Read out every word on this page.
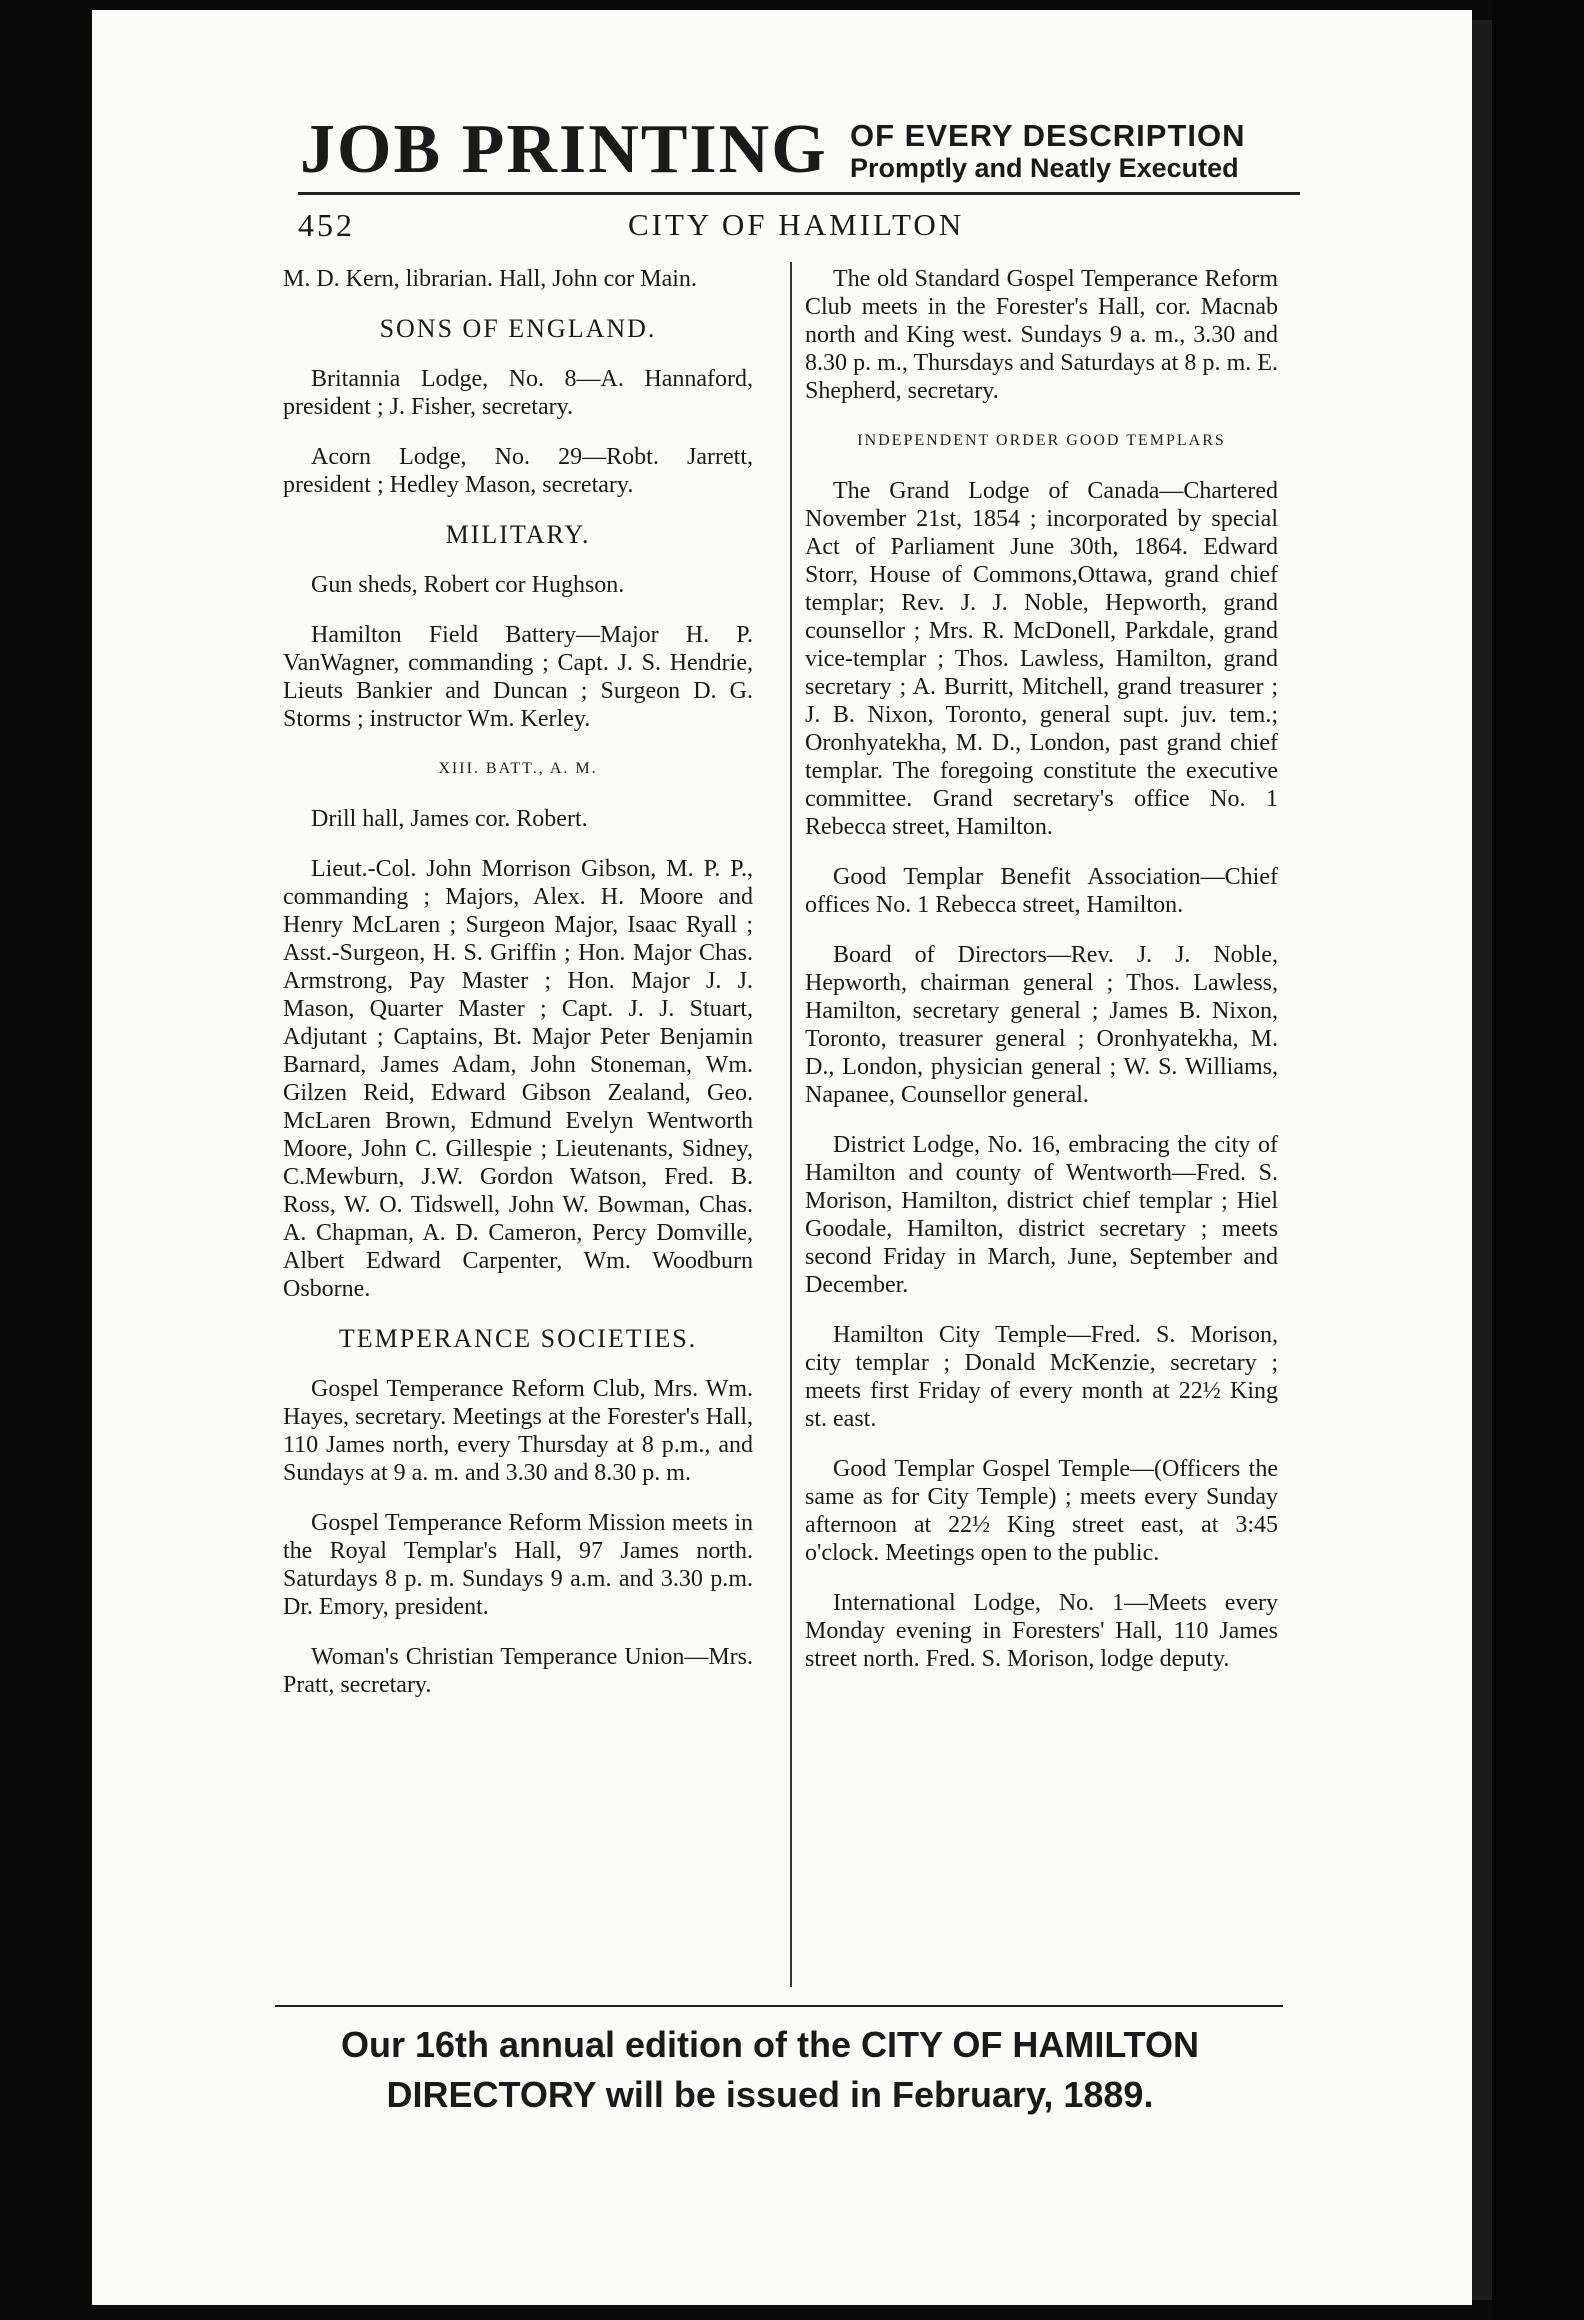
JOB PRINTING OF EVERY DESCRIPTION
Promptly and Neatly Executed
452	CITY OF HAMILTON

M. D. Kern, librarian. Hall, John cor Main.

SONS OF ENGLAND.

Britannia Lodge, No. 8—A. Hannaford, president ; J. Fisher, secretary.

Acorn Lodge, No. 29—Robt. Jarrett, president ; Hedley Mason, secretary.

MILITARY.

Gun sheds, Robert cor Hughson.

Hamilton Field Battery—Major H. P. VanWagner, commanding ; Capt. J. S. Hendrie, Lieuts Bankier and Duncan ; Surgeon D. G. Storms ; instructor Wm. Kerley.

XIII. BATT., A. M.

Drill hall, James cor. Robert.

Lieut.-Col. John Morrison Gibson, M. P. P., commanding ; Majors, Alex. H. Moore and Henry McLaren ; Surgeon Major, Isaac Ryall ; Asst.-Surgeon, H. S. Griffin ; Hon. Major Chas. Armstrong, Pay Master ; Hon. Major J. J. Mason, Quarter Master ; Capt. J. J. Stuart, Adjutant ; Captains, Bt. Major Peter Benjamin Barnard, James Adam, John Stoneman, Wm. Gilzen Reid, Edward Gibson Zealand, Geo. McLaren Brown, Edmund Evelyn Wentworth Moore, John C. Gillespie ; Lieutenants, Sidney, C.Mewburn, J.W. Gordon Watson, Fred. B. Ross, W. O. Tidswell, John W. Bowman, Chas. A. Chapman, A. D. Cameron, Percy Domville, Albert Edward Carpenter, Wm. Woodburn Osborne.

TEMPERANCE SOCIETIES.

Gospel Temperance Reform Club, Mrs. Wm. Hayes, secretary. Meetings at the Forester's Hall, 110 James north, every Thursday at 8 p.m., and Sundays at 9 a. m. and 3.30 and 8.30 p. m.

Gospel Temperance Reform Mission meets in the Royal Templar's Hall, 97 James north. Saturdays 8 p. m. Sundays 9 a.m. and 3.30 p.m. Dr. Emory, president.

Woman's Christian Temperance Union—Mrs. Pratt, secretary.

The old Standard Gospel Temperance Reform Club meets in the Forester's Hall, cor. Macnab north and King west. Sundays 9 a. m., 3.30 and 8.30 p. m., Thursdays and Saturdays at 8 p. m. E. Shepherd, secretary.

INDEPENDENT ORDER GOOD TEMPLARS

The Grand Lodge of Canada—Chartered November 21st, 1854 ; incorporated by special Act of Parliament June 30th, 1864. Edward Storr, House of Commons,Ottawa, grand chief templar; Rev. J. J. Noble, Hepworth, grand counsellor ; Mrs. R. McDonell, Parkdale, grand vice-templar ; Thos. Lawless, Hamilton, grand secretary ; A. Burritt, Mitchell, grand treasurer ; J. B. Nixon, Toronto, general supt. juv. tem.; Oronhyatekha, M. D., London, past grand chief templar. The foregoing constitute the executive committee. Grand secretary's office No. 1 Rebecca street, Hamilton.

Good Templar Benefit Association—Chief offices No. 1 Rebecca street, Hamilton.

Board of Directors—Rev. J. J. Noble, Hepworth, chairman general ; Thos. Lawless, Hamilton, secretary general ; James B. Nixon, Toronto, treasurer general ; Oronhyatekha, M. D., London, physician general ; W. S. Williams, Napanee, Counsellor general.

District Lodge, No. 16, embracing the city of Hamilton and county of Wentworth—Fred. S. Morison, Hamilton, district chief templar ; Hiel Goodale, Hamilton, district secretary ; meets second Friday in March, June, September and December.

Hamilton City Temple—Fred. S. Morison, city templar ; Donald McKenzie, secretary ; meets first Friday of every month at 22½ King st. east.

Good Templar Gospel Temple—(Officers the same as for City Temple) ; meets every Sunday afternoon at 22½ King street east, at 3:45 o'clock. Meetings open to the public.

International Lodge, No. 1—Meets every Monday evening in Foresters' Hall, 110 James street north. Fred. S. Morison, lodge deputy.

Our 16th annual edition of the CITY OF HAMILTON
DIRECTORY will be issued in February, 1889.
